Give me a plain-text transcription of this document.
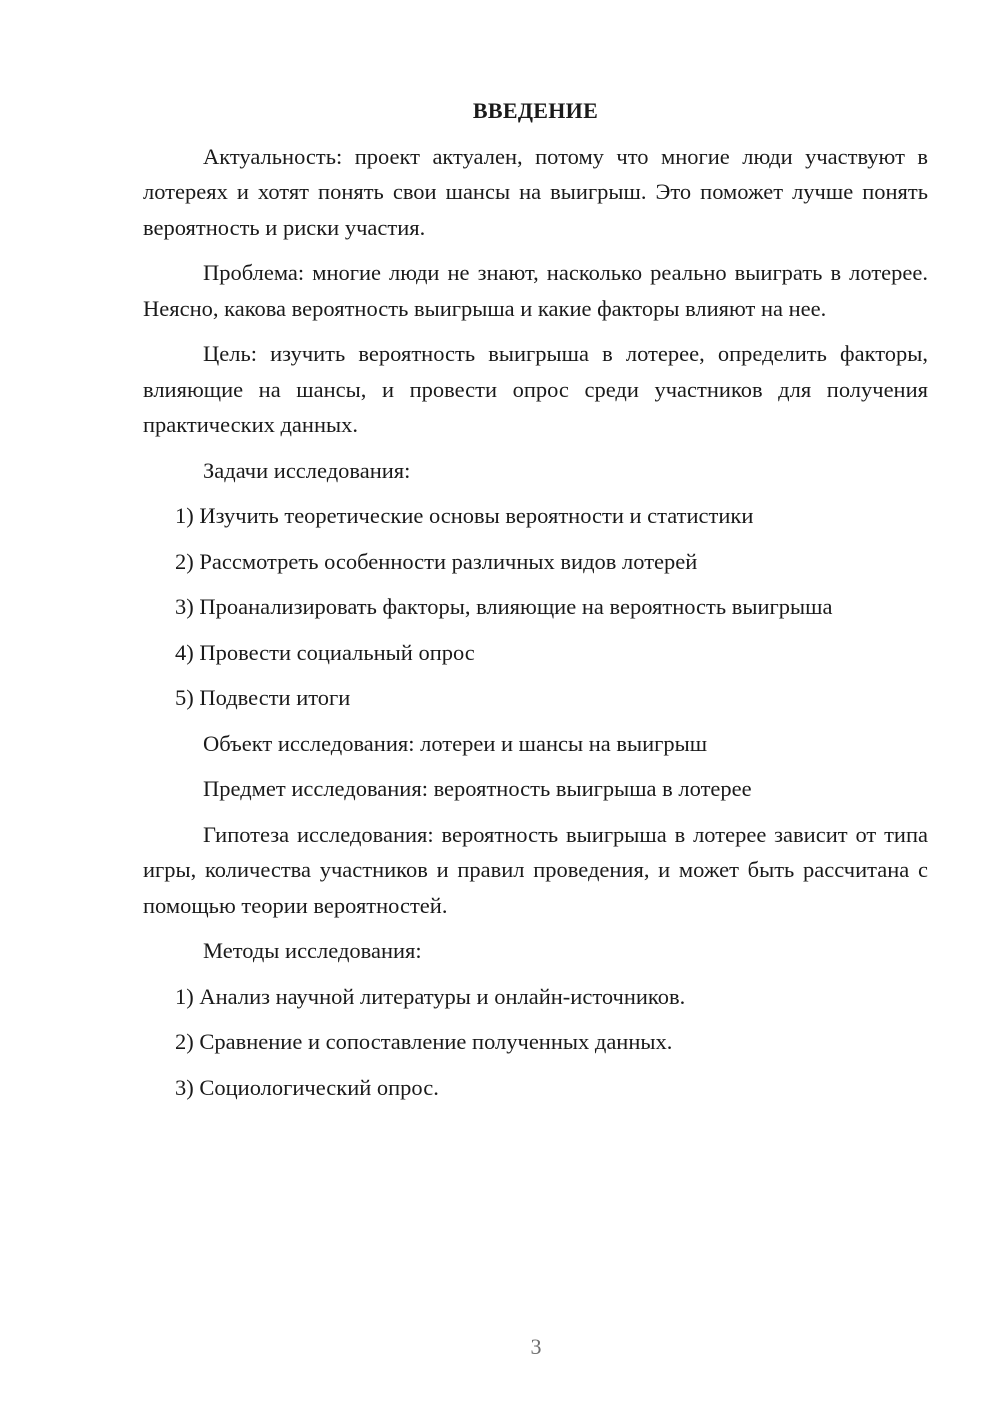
ВВЕДЕНИЕ

Актуальность: проект актуален, потому что многие люди участвуют в лотереях и хотят понять свои шансы на выигрыш. Это поможет лучше понять вероятность и риски участия.

Проблема: многие люди не знают, насколько реально выиграть в лотерее. Неясно, какова вероятность выигрыша и какие факторы влияют на нее.

Цель: изучить вероятность выигрыша в лотерее, определить факторы, влияющие на шансы, и провести опрос среди участников для получения практических данных.

Задачи исследования:

1) Изучить теоретические основы вероятности и статистики

2) Рассмотреть особенности различных видов лотерей

3) Проанализировать факторы, влияющие на вероятность выигрыша

4) Провести социальный опрос

5) Подвести итоги

Объект исследования: лотереи и шансы на выигрыш

Предмет исследования: вероятность выигрыша в лотерее

Гипотеза исследования: вероятность выигрыша в лотерее зависит от типа игры, количества участников и правил проведения, и может быть рассчитана с помощью теории вероятностей.

Методы исследования:

1) Анализ научной литературы и онлайн-источников.

2) Сравнение и сопоставление полученных данных.

3) Социологический опрос.

3
